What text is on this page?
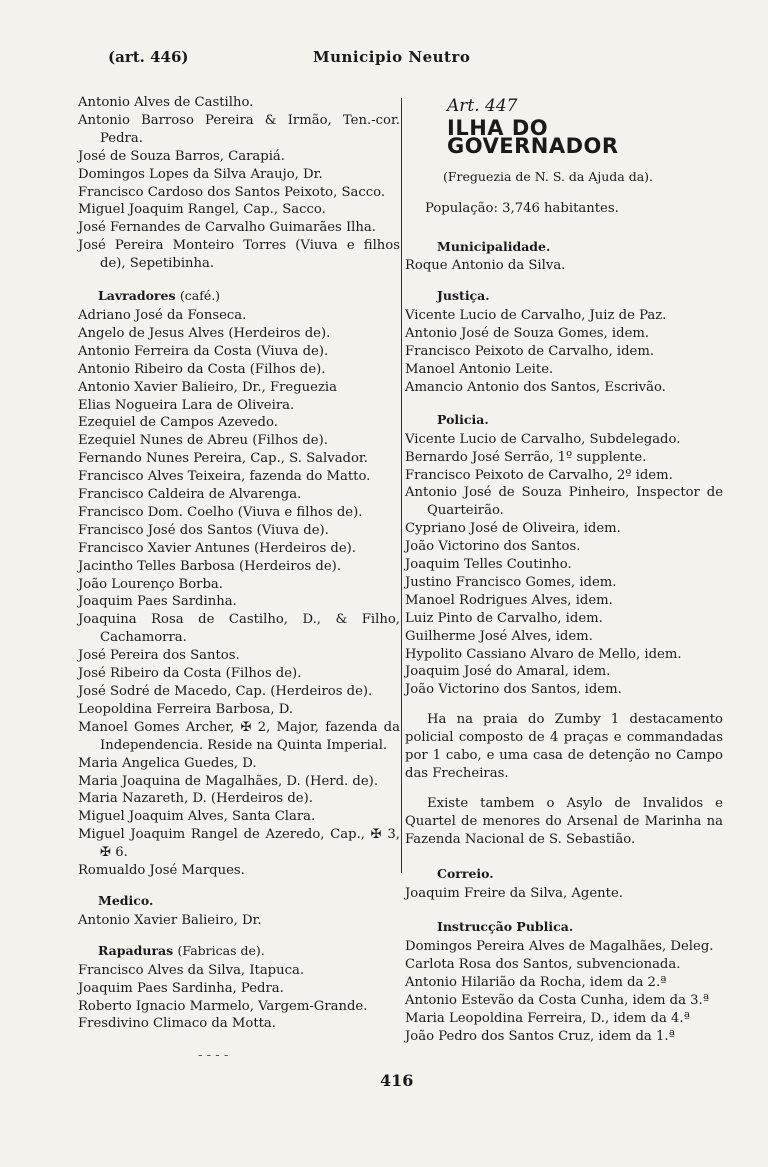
(art. 446)	Municipio Neutro
Antonio Alves de Castilho.
Antonio Barroso Pereira & Irmão, Ten.-cor. Pedra.
José de Souza Barros, Carapiá.
Domingos Lopes da Silva Araujo, Dr.
Francisco Cardoso dos Santos Peixoto, Sacco.
Miguel Joaquim Rangel, Cap., Sacco.
José Fernandes de Carvalho Guimarães Ilha.
José Pereira Monteiro Torres (Viuva e filhos de), Sepetibinha.
Lavradores (café.)
Adriano José da Fonseca.
Angelo de Jesus Alves (Herdeiros de).
Antonio Ferreira da Costa (Viuva de).
Antonio Ribeiro da Costa (Filhos de).
Antonio Xavier Balieiro, Dr., Freguezia
Elias Nogueira Lara de Oliveira.
Ezequiel de Campos Azevedo.
Ezequiel Nunes de Abreu (Filhos de).
Fernando Nunes Pereira, Cap., S. Salvador.
Francisco Alves Teixeira, fazenda do Matto.
Francisco Caldeira de Alvarenga.
Francisco Dom. Coelho (Viuva e filhos de).
Francisco José dos Santos (Viuva de).
Francisco Xavier Antunes (Herdeiros de).
Jacintho Telles Barbosa (Herdeiros de).
João Lourenço Borba.
Joaquim Paes Sardinha.
Joaquina Rosa de Castilho, D., & Filho, Cachamorra.
José Pereira dos Santos.
José Ribeiro da Costa (Filhos de).
José Sodré de Macedo, Cap. (Herdeiros de).
Leopoldina Ferreira Barbosa, D.
Manoel Gomes Archer, ✠ 2, Major, fazenda da Independencia. Reside na Quinta Imperial.
Maria Angelica Guedes, D.
Maria Joaquina de Magalhães, D. (Herd. de).
Maria Nazareth, D. (Herdeiros de).
Miguel Joaquim Alves, Santa Clara.
Miguel Joaquim Rangel de Azeredo, Cap., ✠ 3, ✠ 6.
Romualdo José Marques.
Medico.
Antonio Xavier Balieiro, Dr.
Rapaduras (Fabricas de).
Francisco Alves da Silva, Itapuca.
Joaquim Paes Sardinha, Pedra.
Roberto Ignacio Marmelo, Vargem-Grande.
Fresdivino Climaco da Motta.
- - - -
Art. 447
ILHA DO GOVERNADOR
(Freguezia de N. S. da Ajuda da).
População: 3,746 habitantes.
Municipalidade.
Roque Antonio da Silva.
Justiça.
Vicente Lucio de Carvalho, Juiz de Paz.
Antonio José de Souza Gomes, idem.
Francisco Peixoto de Carvalho, idem.
Manoel Antonio Leite.
Amancio Antonio dos Santos, Escrivão.
Policia.
Vicente Lucio de Carvalho, Subdelegado.
Bernardo José Serrão, 1º supplente.
Francisco Peixoto de Carvalho, 2º idem.
Antonio José de Souza Pinheiro, Inspector de Quarteirão.
Cypriano José de Oliveira, idem.
João Victorino dos Santos.
Joaquim Telles Coutinho.
Justino Francisco Gomes, idem.
Manoel Rodrigues Alves, idem.
Luiz Pinto de Carvalho, idem.
Guilherme José Alves, idem.
Hypolito Cassiano Alvaro de Mello, idem.
Joaquim José do Amaral, idem.
João Victorino dos Santos, idem.
Ha na praia do Zumby 1 destacamento policial composto de 4 praças e commandadas por 1 cabo, e uma casa de detenção no Campo das Frecheiras.
Existe tambem o Asylo de Invalidos e Quartel de menores do Arsenal de Marinha na Fazenda Nacional de S. Sebastião.
Correio.
Joaquim Freire da Silva, Agente.
Instrucção Publica.
Domingos Pereira Alves de Magalhães, Deleg.
Carlota Rosa dos Santos, subvencionada.
Antonio Hilarião da Rocha, idem da 2.ª
Antonio Estevão da Costa Cunha, idem da 3.ª
Maria Leopoldina Ferreira, D., idem da 4.ª
João Pedro dos Santos Cruz, idem da 1.ª
416
